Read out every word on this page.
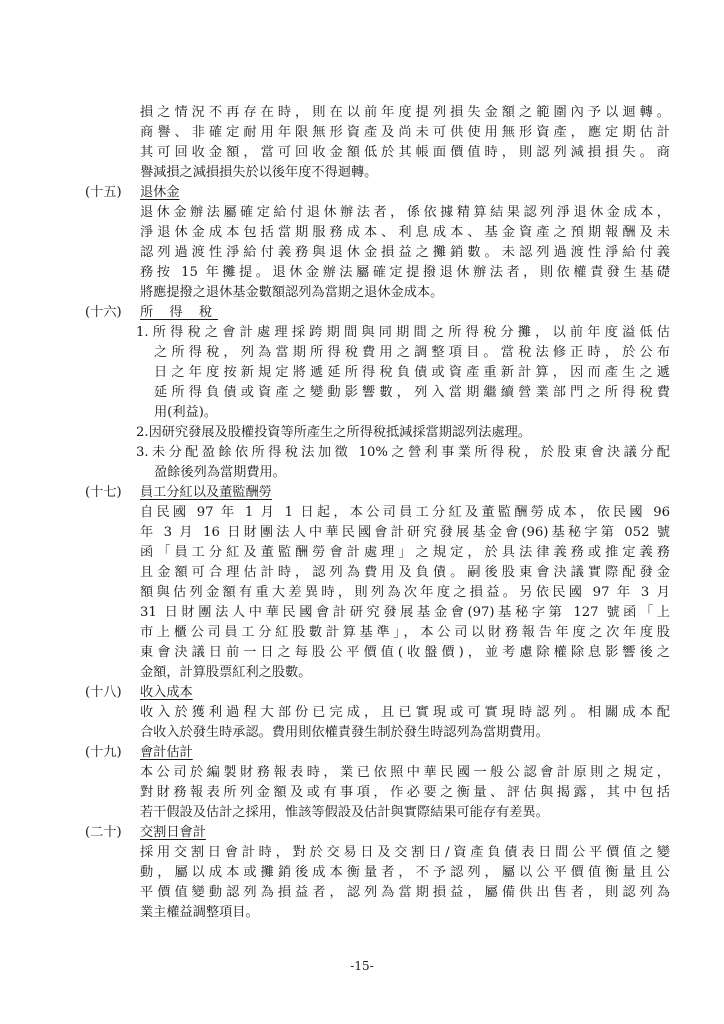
損之情況不再存在時，則在以前年度提列損失金額之範圍內予以迴轉。
商譽、非確定耐用年限無形資產及尚未可供使用無形資產，應定期估計
其可回收金額，當可回收金額低於其帳面價值時，則認列減損損失。商
譽減損之減損損失於以後年度不得迴轉。
(十五) 退休金
退休金辦法屬確定給付退休辦法者，係依據精算結果認列淨退休金成本，
淨退休金成本包括當期服務成本、利息成本、基金資產之預期報酬及未
認列過渡性淨給付義務與退休金損益之攤銷數。未認列過渡性淨給付義
務按 15 年攤提。退休金辦法屬確定提撥退休辦法者，則依權責發生基礎
將應提撥之退休基金數額認列為當期之退休金成本。
(十六) 所 得 稅
1.所得稅之會計處理採跨期間與同期間之所得稅分攤，以前年度溢低估
之所得稅，列為當期所得稅費用之調整項目。當稅法修正時，於公布
日之年度按新規定將遞延所得稅負債或資產重新計算，因而產生之遞
延所得負債或資產之變動影響數，列入當期繼續營業部門之所得稅費
用(利益)。
2.因研究發展及股權投資等所產生之所得稅抵減採當期認列法處理。
3.未分配盈餘依所得稅法加徵 10%之營利事業所得稅，於股東會決議分配
盈餘後列為當期費用。
(十七) 員工分紅以及董監酬勞
自民國 97 年 1 月 1 日起，本公司員工分紅及董監酬勞成本，依民國 96
年 3 月 16 日財團法人中華民國會計研究發展基金會(96)基秘字第 052 號
函「員工分紅及董監酬勞會計處理」之規定，於具法律義務或推定義務
且金額可合理估計時，認列為費用及負債。嗣後股東會決議實際配發金
額與估列金額有重大差異時，則列為次年度之損益。另依民國 97 年 3 月
31 日財團法人中華民國會計研究發展基金會(97)基秘字第 127 號函「上
市上櫃公司員工分紅股數計算基準」，本公司以財務報告年度之次年度股
東會決議日前一日之每股公平價值(收盤價)，並考慮除權除息影響後之
金額，計算股票紅利之股數。
(十八) 收入成本
收入於獲利過程大部份已完成，且已實現或可實現時認列。相關成本配
合收入於發生時承認。費用則依權責發生制於發生時認列為當期費用。
(十九) 會計估計
本公司於編製財務報表時，業已依照中華民國一般公認會計原則之規定，
對財務報表所列金額及或有事項，作必要之衡量、評估與揭露，其中包括
若干假設及估計之採用，惟該等假設及估計與實際結果可能存有差異。
(二十) 交割日會計
採用交割日會計時，對於交易日及交割日/資產負債表日間公平價值之變
動，屬以成本或攤銷後成本衡量者，不予認列，屬以公平價值衡量且公
平價值變動認列為損益者，認列為當期損益，屬備供出售者，則認列為
業主權益調整項目。
-15-
